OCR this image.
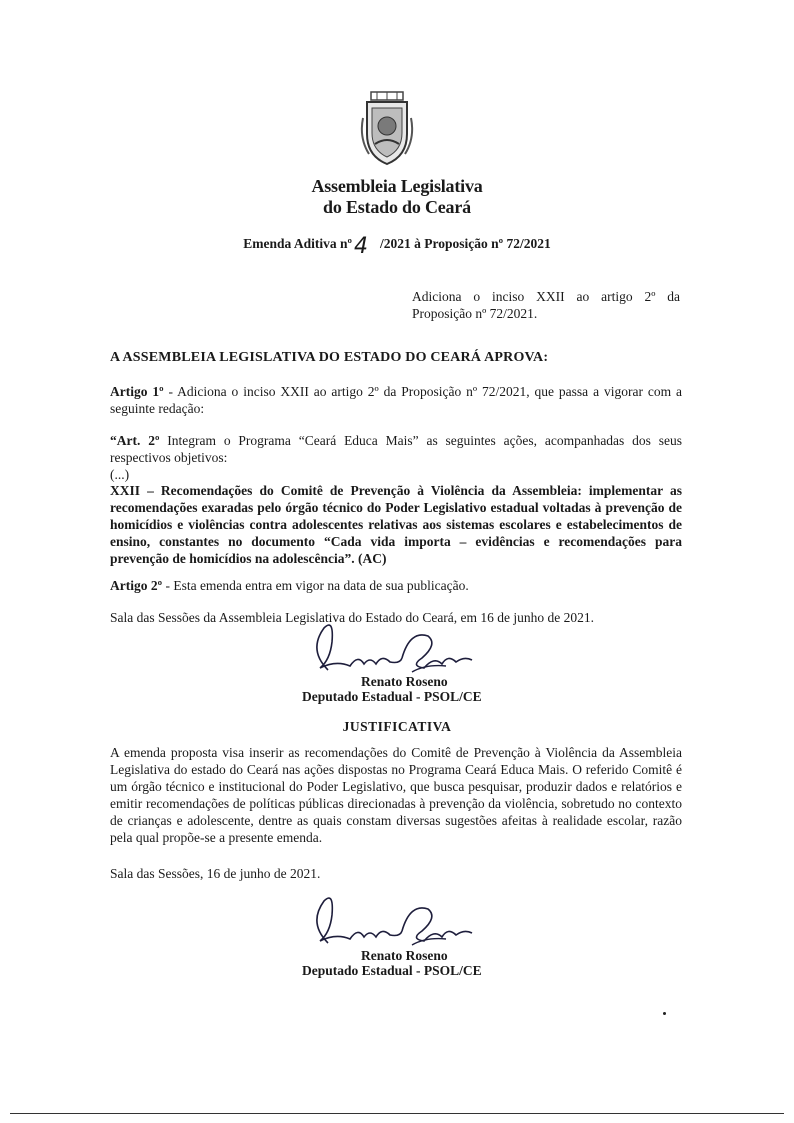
Assembleia Legislativa
do Estado do Ceará
Emenda Aditiva nº 4 /2021 à Proposição nº 72/2021
Adiciona o inciso XXII ao artigo 2º da Proposição nº 72/2021.
A ASSEMBLEIA LEGISLATIVA DO ESTADO DO CEARÁ APROVA:
Artigo 1º - Adiciona o inciso XXII ao artigo 2º da Proposição nº 72/2021, que passa a vigorar com a seguinte redação:
“Art. 2º Integram o Programa “Ceará Educa Mais” as seguintes ações, acompanhadas dos seus respectivos objetivos:
(...)
XXII – Recomendações do Comitê de Prevenção à Violência da Assembleia: implementar as recomendações exaradas pelo órgão técnico do Poder Legislativo estadual voltadas à prevenção de homicídios e violências contra adolescentes relativas aos sistemas escolares e estabelecimentos de ensino, constantes no documento “Cada vida importa – evidências e recomendações para prevenção de homicídios na adolescência”. (AC)
Artigo 2º - Esta emenda entra em vigor na data de sua publicação.
Sala das Sessões da Assembleia Legislativa do Estado do Ceará, em 16 de junho de 2021.
Renato Roseno
Deputado Estadual - PSOL/CE
JUSTIFICATIVA
A emenda proposta visa inserir as recomendações do Comitê de Prevenção à Violência da Assembleia Legislativa do estado do Ceará nas ações dispostas no Programa Ceará Educa Mais. O referido Comitê é um órgão técnico e institucional do Poder Legislativo, que busca pesquisar, produzir dados e relatórios e emitir recomendações de políticas públicas direcionadas à prevenção da violência, sobretudo no contexto de crianças e adolescente, dentre as quais constam diversas sugestões afeitas à realidade escolar, razão pela qual propõe-se a presente emenda.
Sala das Sessões, 16 de junho de 2021.
Renato Roseno
Deputado Estadual - PSOL/CE
